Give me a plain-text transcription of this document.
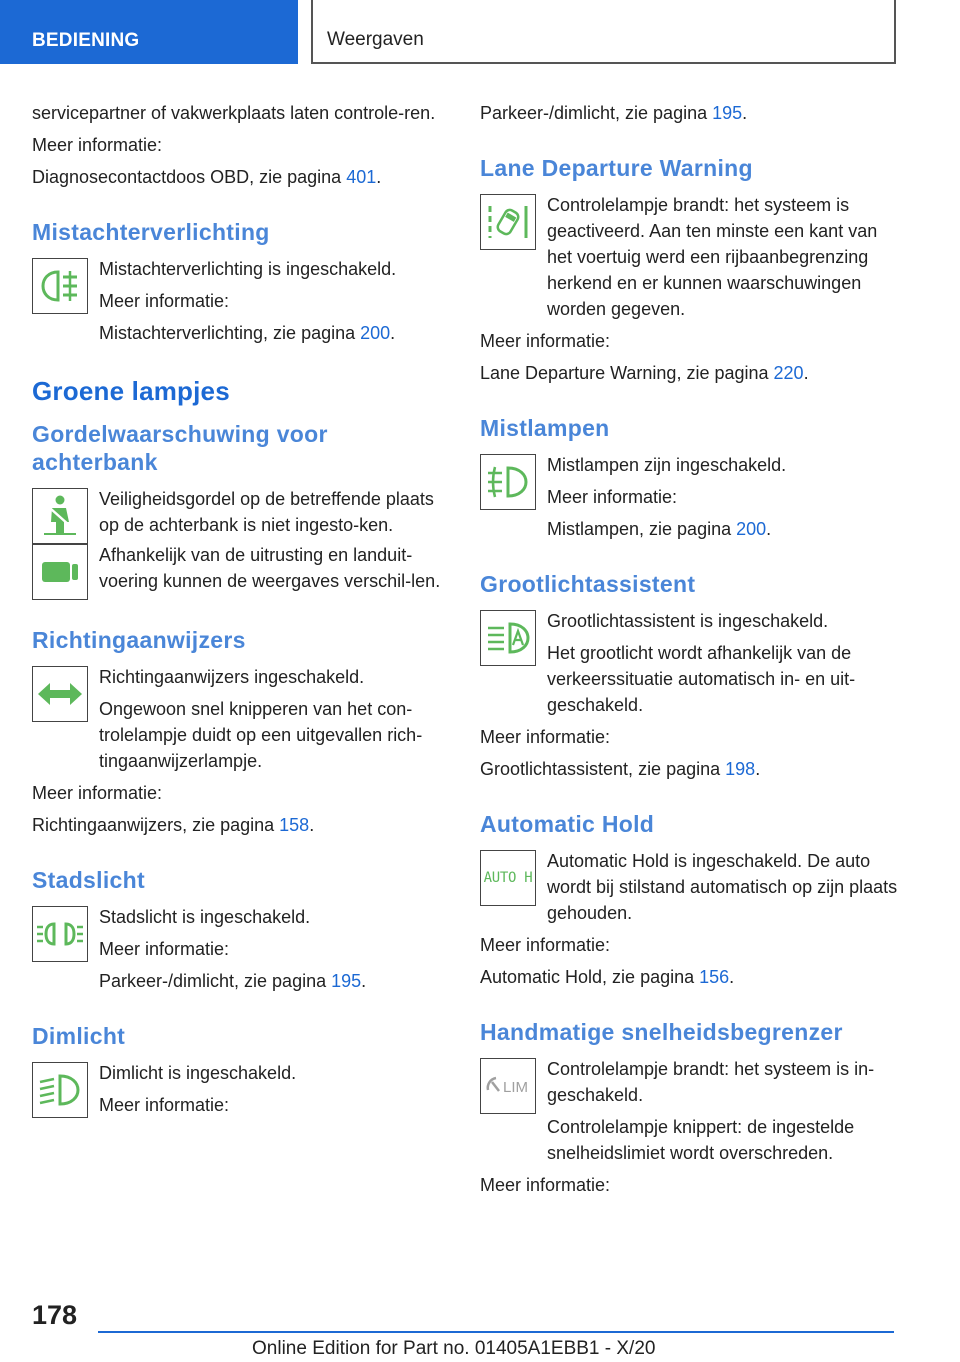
BEDIENING	Weergaven
servicepartner of vakwerkplaats laten controle-ren.
Meer informatie:
Diagnosecontactdoos OBD, zie pagina 401.
Mistachterverlichting
Mistachterverlichting is ingeschakeld.
Meer informatie:
Mistachterverlichting, zie pagina 200.
Groene lampjes
Gordelwaarschuwing voor achterbank
Veiligheidsgordel op de betreffende plaats op de achterbank is niet ingesto-ken.
Afhankelijk van de uitrusting en landuit-voering kunnen de weergaves verschil-len.
Richtingaanwijzers
Richtingaanwijzers ingeschakeld.
Ongewoon snel knipperen van het con-trolelampje duidt op een uitgevallen rich-tingaanwijzerlampje.
Meer informatie:
Richtingaanwijzers, zie pagina 158.
Stadslicht
Stadslicht is ingeschakeld.
Meer informatie:
Parkeer-/dimlicht, zie pagina 195.
Dimlicht
Dimlicht is ingeschakeld.
Meer informatie:
Parkeer-/dimlicht, zie pagina 195.
Lane Departure Warning
Controlelampje brandt: het systeem is geactiveerd. Aan ten minste een kant van het voertuig werd een rijbaanbegrenzing herkend en er kunnen waarschuwingen worden gegeven.
Meer informatie:
Lane Departure Warning, zie pagina 220.
Mistlampen
Mistlampen zijn ingeschakeld.
Meer informatie:
Mistlampen, zie pagina 200.
Grootlichtassistent
Grootlichtassistent is ingeschakeld.
Het grootlicht wordt afhankelijk van de verkeerssituatie automatisch in- en uit-geschakeld.
Meer informatie:
Grootlichtassistent, zie pagina 198.
Automatic Hold
AUTO H
Automatic Hold is ingeschakeld. De auto wordt bij stilstand automatisch op zijn plaats gehouden.
Meer informatie:
Automatic Hold, zie pagina 156.
Handmatige snelheidsbegrenzer
LIM
Controlelampje brandt: het systeem is in-geschakeld.
Controlelampje knippert: de ingestelde snelheidslimiet wordt overschreden.
Meer informatie:
178
Online Edition for Part no. 01405A1EBB1 - X/20
